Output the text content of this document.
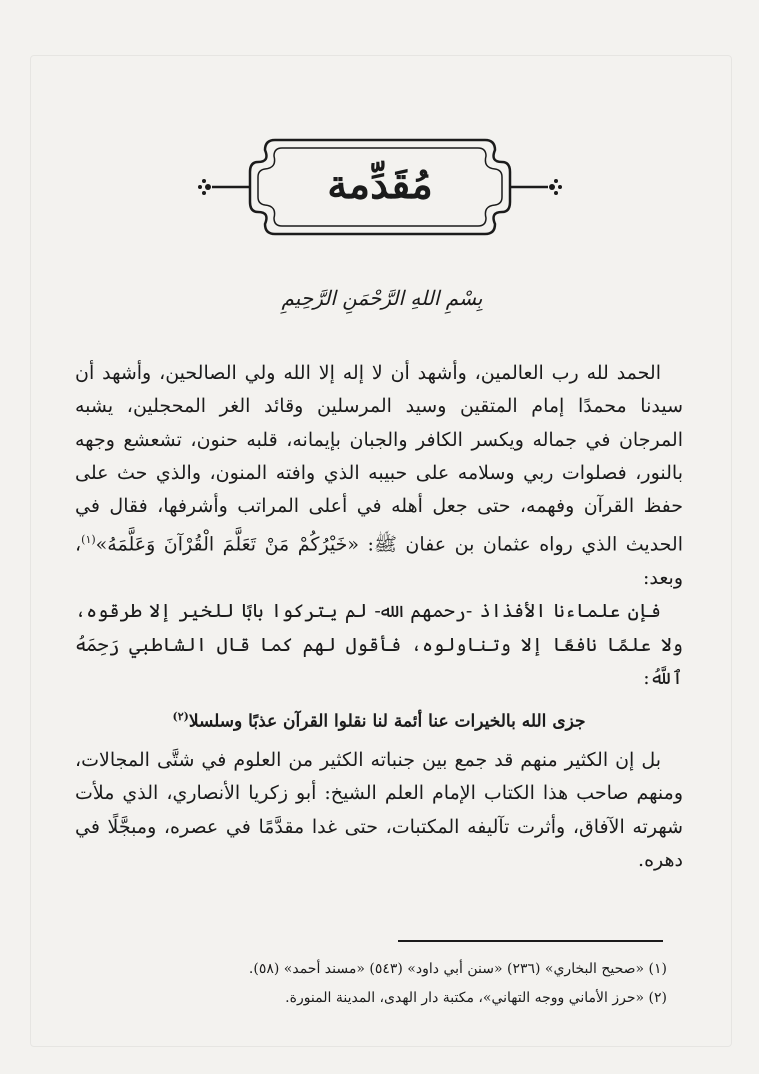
مُقَدِّمة
بِسْمِ اللهِ الرَّحْمَنِ الرَّحِيمِ

الحمد لله رب العالمين، وأشهد أن لا إله إلا الله ولي الصالحين، وأشهد أن سيدنا محمدًا إمام المتقين وسيد المرسلين وقائد الغر المحجلين، يشبه المرجان في جماله ويكسر الكافر والجبان بإيمانه، قلبه حنون، تشعشع وجهه بالنور، فصلوات ربي وسلامه على حبيبه الذي وافته المنون، والذي حث على حفظ القرآن وفهمه، حتى جعل أهله في أعلى المراتب وأشرفها، فقال في الحديث الذي رواه عثمان بن عفان ﷺ: «خَيْرُكُمْ مَنْ تَعَلَّمَ الْقُرْآنَ وَعَلَّمَهُ»$^{(١)}$، وبعد:

فإن علماءنا الأفذاذ -رحمهم الله- لم يتركوا بابًا للخير إلا طرقوه، ولا علمًا نافعًا إلا وتناولوه، فأقول لهم كما قال الشاطبي رَحِمَهُ ٱللَّهُ:

جزى الله بالخيرات عنا أئمة لنا نقلوا القرآن عذبًا وسلسلا$^{(٢)}$

بل إن الكثير منهم قد جمع بين جنباته الكثير من العلوم في شتَّى المجالات، ومنهم صاحب هذا الكتاب الإمام العلم الشيخ: أبو زكريا الأنصاري، الذي ملأت شهرته الآفاق، وأثرت تآليفه المكتبات، حتى غدا مقدَّمًا في عصره، ومبجَّلًا في دهره.

(١) «صحيح البخاري» (٢٣٦) «سنن أبي داود» (٥٤٣) «مسند أحمد» (٥٨).
(٢) «حرز الأماني ووجه التهاني»، مكتبة دار الهدى، المدينة المنورة.
